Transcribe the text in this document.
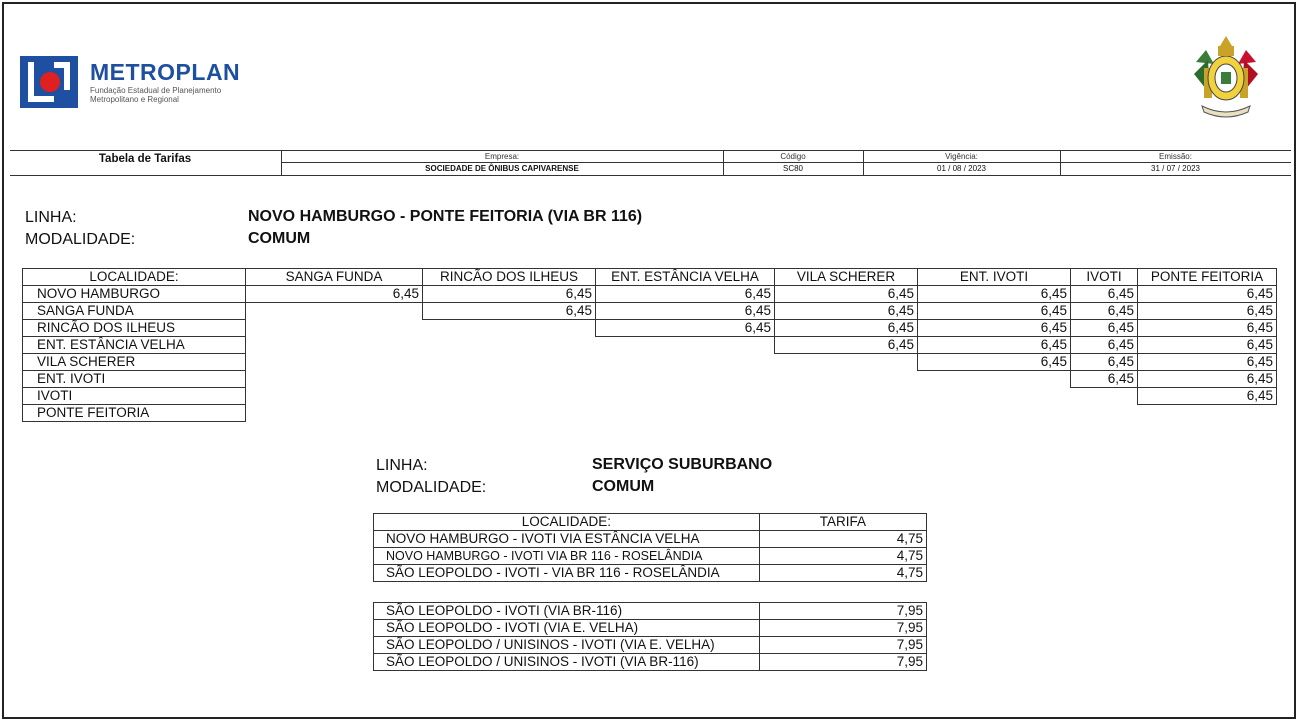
METROPLAN
Fundação Estadual de Planejamento Metropolitano e Regional
Tabela de Tarifas	Empresa:
SOCIEDADE DE ÔNIBUS CAPIVARENSE
Código
SC80
Vigência:
01 / 08 / 2023
Emissão:
31 / 07 / 2023
LINHA:
MODALIDADE:
NOVO HAMBURGO - PONTE FEITORIA (VIA BR 116)
COMUM
LOCALIDADE:	SANGA FUNDA	RINCÃO DOS ILHEUS	ENT. ESTÂNCIA VELHA	VILA SCHERER	ENT. IVOTI	IVOTI	PONTE FEITORIA
NOVO HAMBURGO	6,45	6,45	6,45	6,45	6,45	6,45	6,45
SANGA FUNDA		6,45	6,45	6,45	6,45	6,45	6,45
RINCÃO DOS ILHEUS			6,45	6,45	6,45	6,45	6,45
ENT. ESTÂNCIA VELHA				6,45	6,45	6,45	6,45
VILA SCHERER					6,45	6,45	6,45
ENT. IVOTI						6,45	6,45
IVOTI							6,45
PONTE FEITORIA							
LINHA:
MODALIDADE:
SERVIÇO SUBURBANO
COMUM
LOCALIDADE:	TARIFA
NOVO HAMBURGO - IVOTI VIA ESTÂNCIA VELHA	4,75
NOVO HAMBURGO - IVOTI VIA BR 116 - ROSELÂNDIA	4,75
SÃO LEOPOLDO - IVOTI - VIA BR 116 - ROSELÂNDIA	4,75
SÃO LEOPOLDO - IVOTI (VIA BR-116)	7,95
SÃO LEOPOLDO - IVOTI (VIA E. VELHA)	7,95
SÃO LEOPOLDO / UNISINOS - IVOTI (VIA E. VELHA)	7,95
SÃO LEOPOLDO / UNISINOS - IVOTI (VIA BR-116)	7,95
